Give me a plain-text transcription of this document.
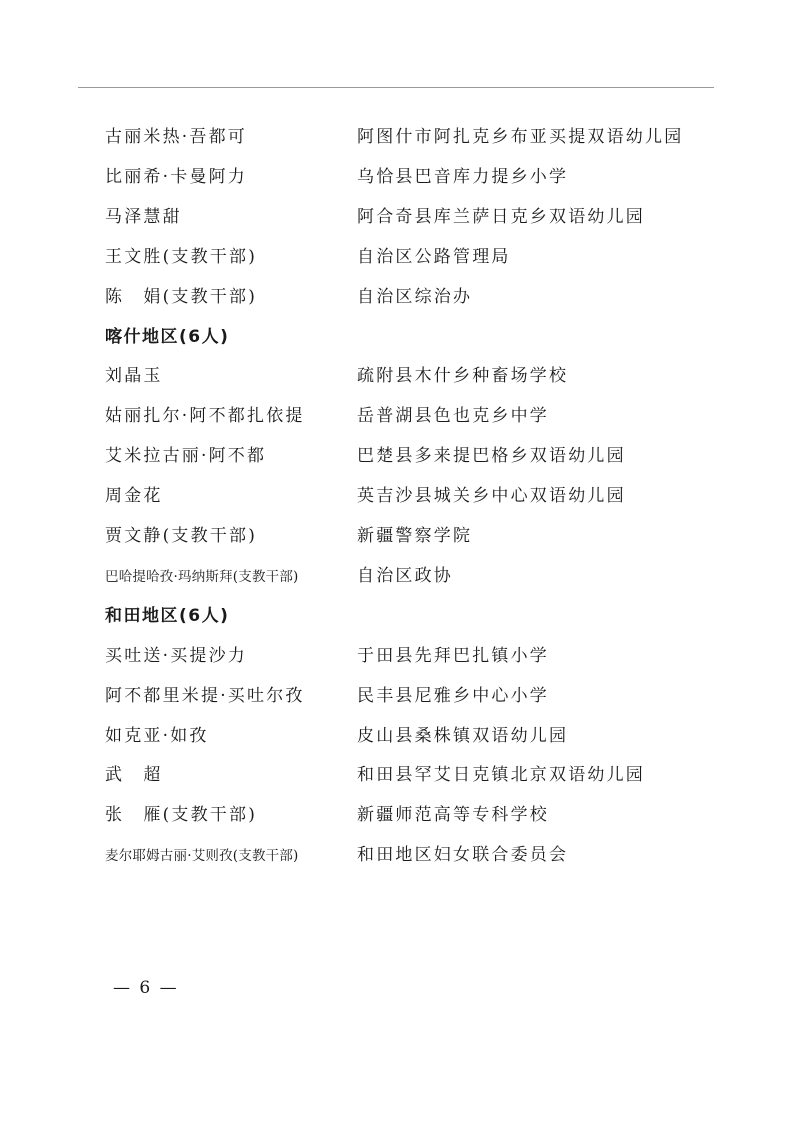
古丽米热·吾都可	阿图什市阿扎克乡布亚买提双语幼儿园
比丽希·卡曼阿力	乌恰县巴音库力提乡小学
马泽慧甜	阿合奇县库兰萨日克乡双语幼儿园
王文胜(支教干部)	自治区公路管理局
陈　娟(支教干部)	自治区综治办
喀什地区(6人)
刘晶玉	疏附县木什乡种畜场学校
姑丽扎尔·阿不都扎依提	岳普湖县色也克乡中学
艾米拉古丽·阿不都	巴楚县多来提巴格乡双语幼儿园
周金花	英吉沙县城关乡中心双语幼儿园
贾文静(支教干部)	新疆警察学院
巴哈提哈孜·玛纳斯拜(支教干部)	自治区政协
和田地区(6人)
买吐送·买提沙力	于田县先拜巴扎镇小学
阿不都里米提·买吐尔孜	民丰县尼雅乡中心小学
如克亚·如孜	皮山县桑株镇双语幼儿园
武　超	和田县罕艾日克镇北京双语幼儿园
张　雁(支教干部)	新疆师范高等专科学校
麦尔耶姆古丽·艾则孜(支教干部)	和田地区妇女联合委员会
— 6 —
